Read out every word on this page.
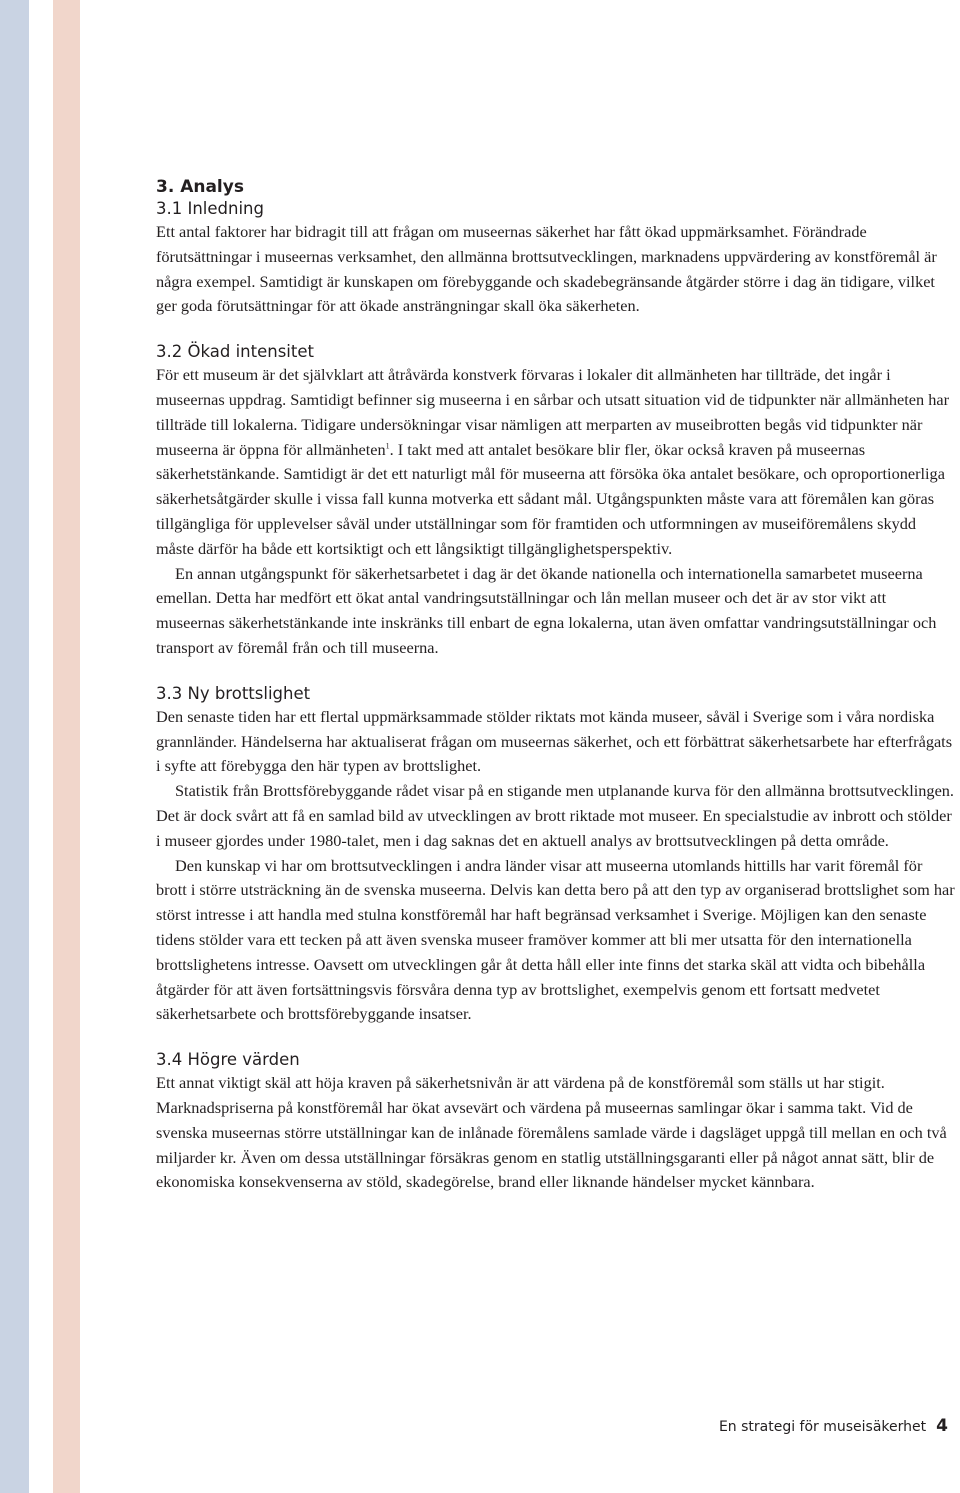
3. Analys
3.1 Inledning

Ett antal faktorer har bidragit till att frågan om museernas säkerhet har fått ökad uppmärksamhet. Förändrade förutsättningar i museernas verksamhet, den allmänna brottsutvecklingen, marknadens uppvärdering av konstföremål är några exempel. Samtidigt är kunskapen om förebyggande och skadebegränsande åtgärder större i dag än tidigare, vilket ger goda förutsättningar för att ökade ansträngningar skall öka säkerheten.

3.2 Ökad intensitet

För ett museum är det självklart att åtråvärda konstverk förvaras i lokaler dit allmänheten har tillträde, det ingår i museernas uppdrag. Samtidigt befinner sig museerna i en sårbar och utsatt situation vid de tidpunkter när allmänheten har tillträde till lokalerna. Tidigare undersökningar visar nämligen att merparten av museibrotten begås vid tidpunkter när museerna är öppna för allmänheten$^1$. I takt med att antalet besökare blir fler, ökar också kraven på museernas säkerhetstänkande. Samtidigt är det ett naturligt mål för museerna att försöka öka antalet besökare, och oproportionerliga säkerhetsåtgärder skulle i vissa fall kunna motverka ett sådant mål. Utgångspunkten måste vara att föremålen kan göras tillgängliga för upplevelser såväl under utställningar som för framtiden och utformningen av museiföremålens skydd måste därför ha både ett kortsiktigt och ett långsiktigt tillgänglighetsperspektiv.

En annan utgångspunkt för säkerhetsarbetet i dag är det ökande nationella och internationella samarbetet museerna emellan. Detta har medfört ett ökat antal vandringsutställningar och lån mellan museer och det är av stor vikt att museernas säkerhetstänkande inte inskränks till enbart de egna lokalerna, utan även omfattar vandringsutställningar och transport av föremål från och till museerna.

3.3 Ny brottslighet

Den senaste tiden har ett flertal uppmärksammade stölder riktats mot kända museer, såväl i Sverige som i våra nordiska grannländer. Händelserna har aktualiserat frågan om museernas säkerhet, och ett förbättrat säkerhetsarbete har efterfrågats i syfte att förebygga den här typen av brottslighet.

Statistik från Brottsförebyggande rådet visar på en stigande men utplanande kurva för den allmänna brottsutvecklingen. Det är dock svårt att få en samlad bild av utvecklingen av brott riktade mot museer. En specialstudie av inbrott och stölder i museer gjordes under 1980-talet, men i dag saknas det en aktuell analys av brottsutvecklingen på detta område.

Den kunskap vi har om brottsutvecklingen i andra länder visar att museerna utomlands hittills har varit föremål för brott i större utsträckning än de svenska museerna. Delvis kan detta bero på att den typ av organiserad brottslighet som har störst intresse i att handla med stulna konstföremål har haft begränsad verksamhet i Sverige. Möjligen kan den senaste tidens stölder vara ett tecken på att även svenska museer framöver kommer att bli mer utsatta för den internationella brottslighetens intresse. Oavsett om utvecklingen går åt detta håll eller inte finns det starka skäl att vidta och bibehålla åtgärder för att även fortsättningsvis försvåra denna typ av brottslighet, exempelvis genom ett fortsatt medvetet säkerhetsarbete och brottsförebyggande insatser.

3.4 Högre värden

Ett annat viktigt skäl att höja kraven på säkerhetsnivån är att värdena på de konstföremål som ställs ut har stigit. Marknadspriserna på konstföremål har ökat avsevärt och värdena på museernas samlingar ökar i samma takt. Vid de svenska museernas större utställningar kan de inlånade föremålens samlade värde i dagsläget uppgå till mellan en och två miljarder kr. Även om dessa utställningar försäkras genom en statlig utställningsgaranti eller på något annat sätt, blir de ekonomiska konsekvenserna av stöld, skadegörelse, brand eller liknande händelser mycket kännbara.

En strategi för museisäkerhet 4
